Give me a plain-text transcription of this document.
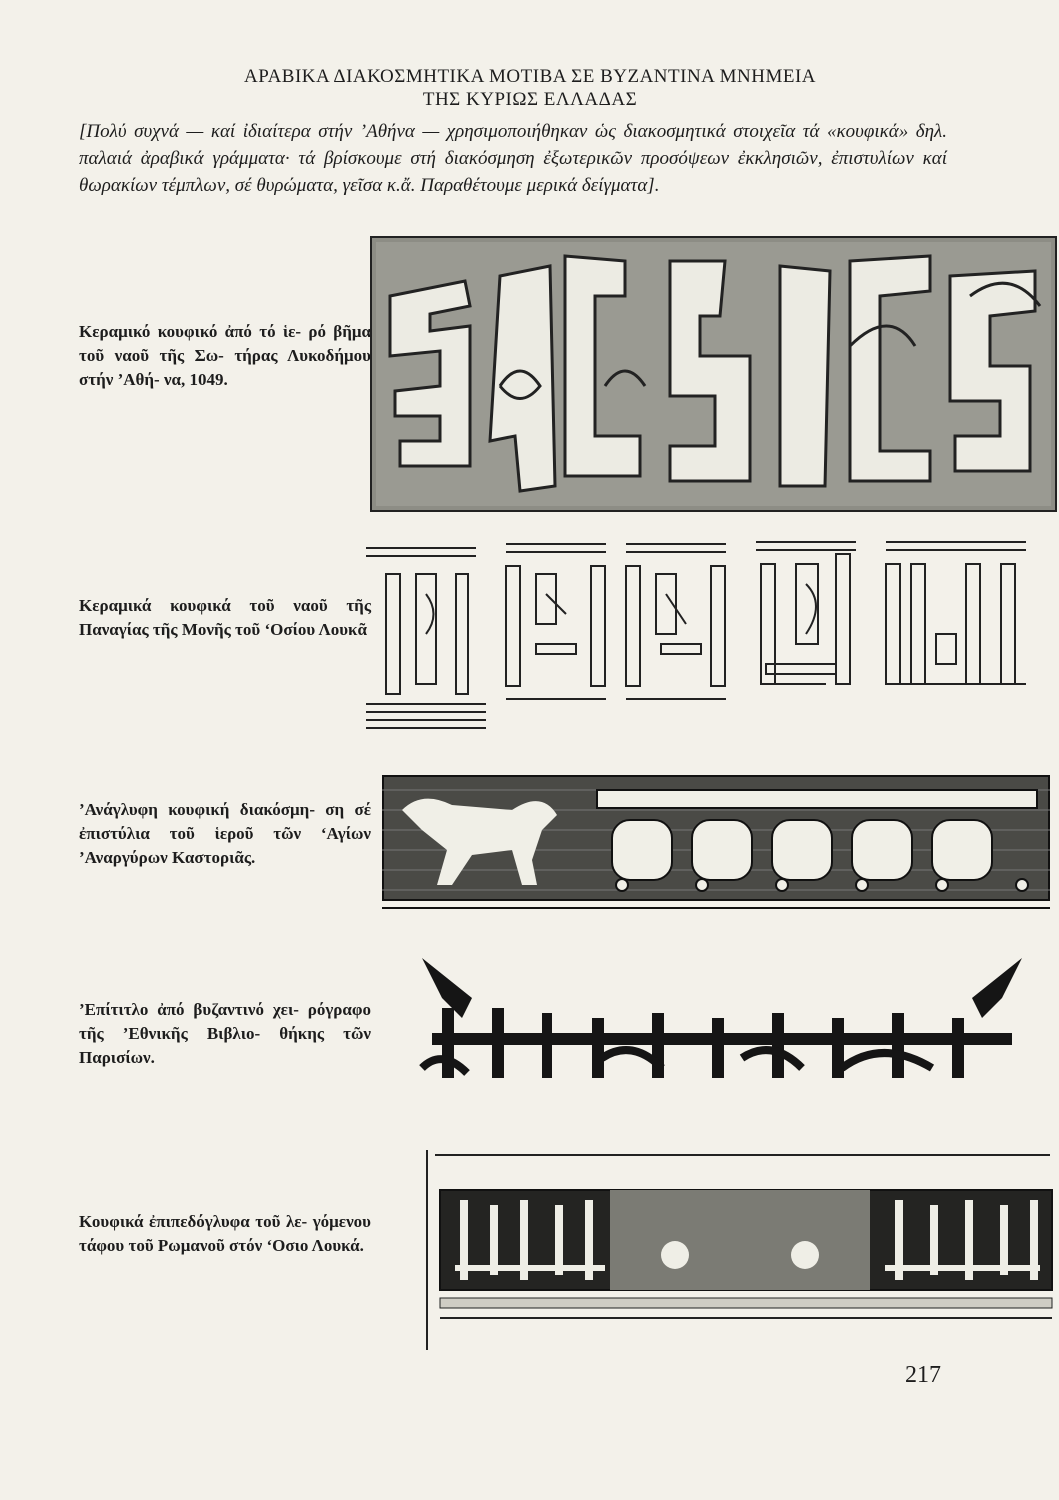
ΑΡΑΒΙΚΑ ΔΙΑΚΟΣΜΗΤΙΚΑ ΜΟΤΙΒΑ ΣΕ ΒΥΖΑΝΤΙΝΑ ΜΝΗΜΕΙΑ
ΤΗΣ ΚΥΡΙΩΣ ΕΛΛΑΔΑΣ
[Πολύ συχνά — καί ἰδιαίτερα στήν ’Αθήνα — χρησιμοποιήθηκαν ὡς διακοσμητικά στοιχεῖα τά «κουφικά» δηλ. παλαιά ἀραβικά γράμματα· τά βρίσκουμε στή διακόσμηση ἐξωτερικῶν προσόψεων ἐκκλησιῶν, ἐπιστυλίων καί θωρακίων τέμπλων, σέ θυρώματα, γεῖσα κ.ἄ. Παραθέτουμε μερικά δείγματα].
Κεραμικό κουφικό ἀπό τό ἱε- ρό βῆμα τοῦ ναοῦ τῆς Σω- τήρας Λυκοδήμου στήν ’Αθή- να, 1049.
Κεραμικά κουφικά τοῦ ναοῦ τῆς Παναγίας τῆς Μονῆς τοῦ ‘Οσίου Λουκᾶ
’Ανάγλυφη κουφική διακόσμη- ση σέ ἐπιστύλια τοῦ ἱεροῦ τῶν ‘Αγίων ’Αναργύρων Καστοριᾶς.
’Επίτιτλο ἀπό βυζαντινό χει- ρόγραφο τῆς ’Εθνικῆς Βιβλιο- θήκης τῶν Παρισίων.
Κουφικά ἐπιπεδόγλυφα τοῦ λε- γόμενου τάφου τοῦ Ρωμανοῦ στόν ‘Οσιο Λουκά.
217
